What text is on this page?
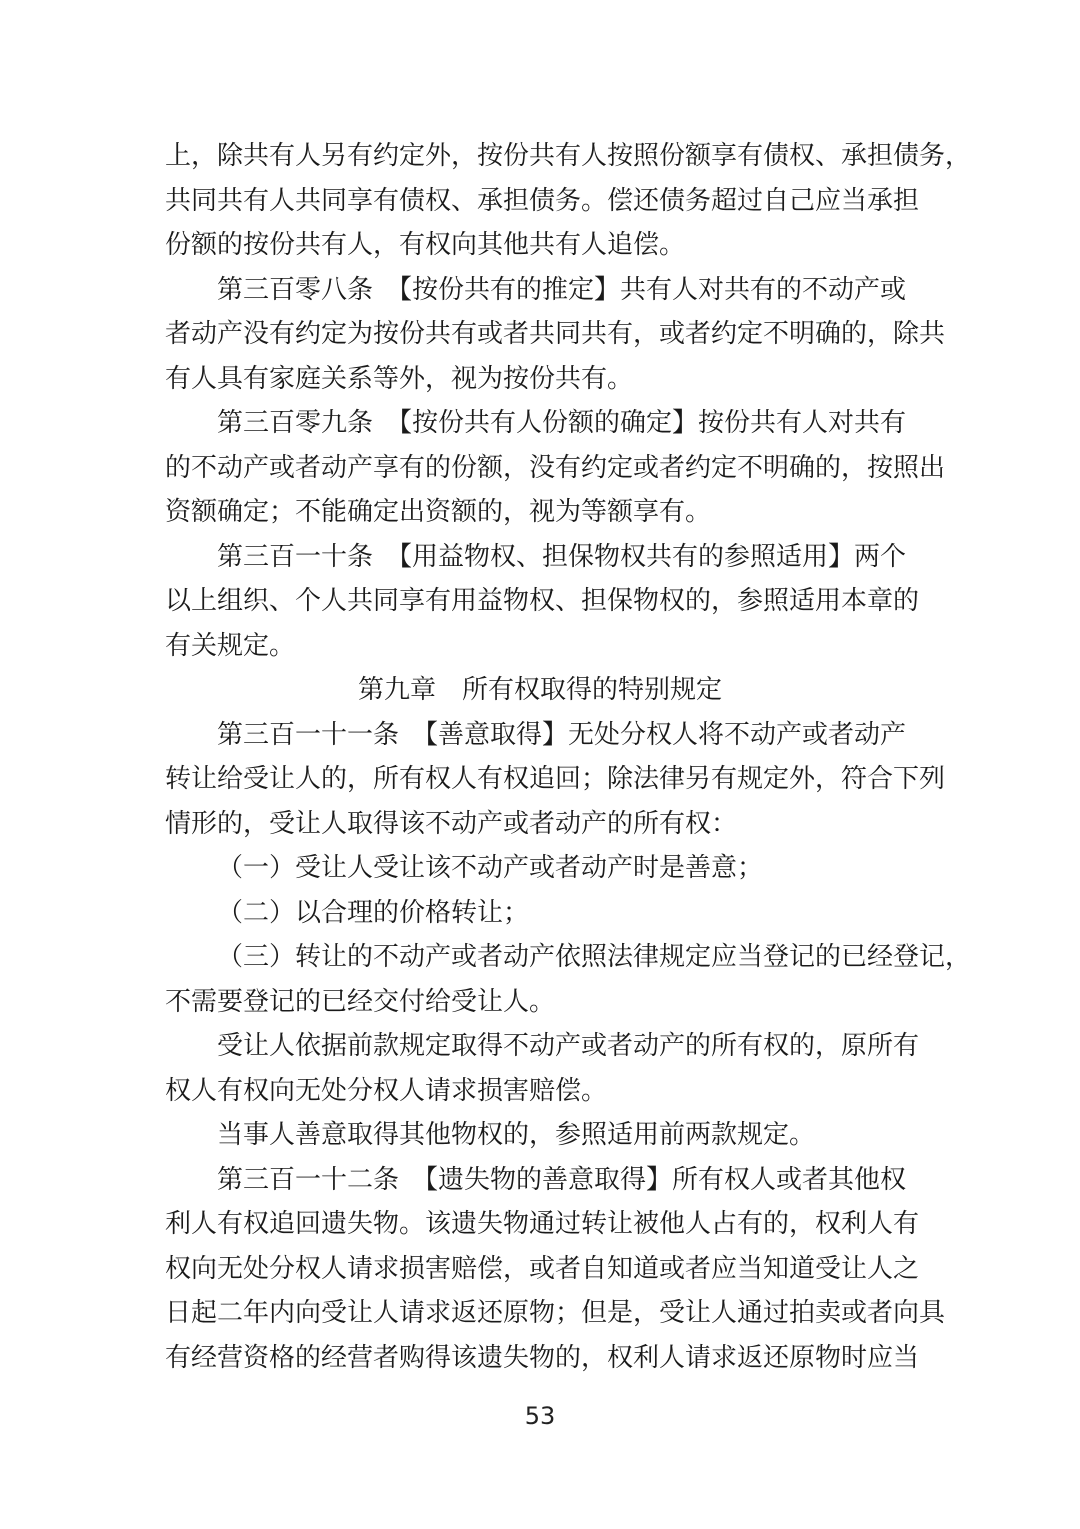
上，除共有人另有约定外，按份共有人按照份额享有债权、承担债务，
共同共有人共同享有债权、承担债务。偿还债务超过自己应当承担
份额的按份共有人，有权向其他共有人追偿。
第三百零八条　【按份共有的推定】共有人对共有的不动产或
者动产没有约定为按份共有或者共同共有，或者约定不明确的，除共
有人具有家庭关系等外，视为按份共有。
第三百零九条　【按份共有人份额的确定】按份共有人对共有
的不动产或者动产享有的份额，没有约定或者约定不明确的，按照出
资额确定；不能确定出资额的，视为等额享有。
第三百一十条　【用益物权、担保物权共有的参照适用】两个
以上组织、个人共同享有用益物权、担保物权的，参照适用本章的
有关规定。
第九章　所有权取得的特别规定
第三百一十一条　【善意取得】无处分权人将不动产或者动产
转让给受让人的，所有权人有权追回；除法律另有规定外，符合下列
情形的，受让人取得该不动产或者动产的所有权：
（一）受让人受让该不动产或者动产时是善意；
（二）以合理的价格转让；
（三）转让的不动产或者动产依照法律规定应当登记的已经登记，
不需要登记的已经交付给受让人。
受让人依据前款规定取得不动产或者动产的所有权的，原所有
权人有权向无处分权人请求损害赔偿。
当事人善意取得其他物权的，参照适用前两款规定。
第三百一十二条　【遗失物的善意取得】所有权人或者其他权
利人有权追回遗失物。该遗失物通过转让被他人占有的，权利人有
权向无处分权人请求损害赔偿，或者自知道或者应当知道受让人之
日起二年内向受让人请求返还原物；但是，受让人通过拍卖或者向具
有经营资格的经营者购得该遗失物的，权利人请求返还原物时应当
53
